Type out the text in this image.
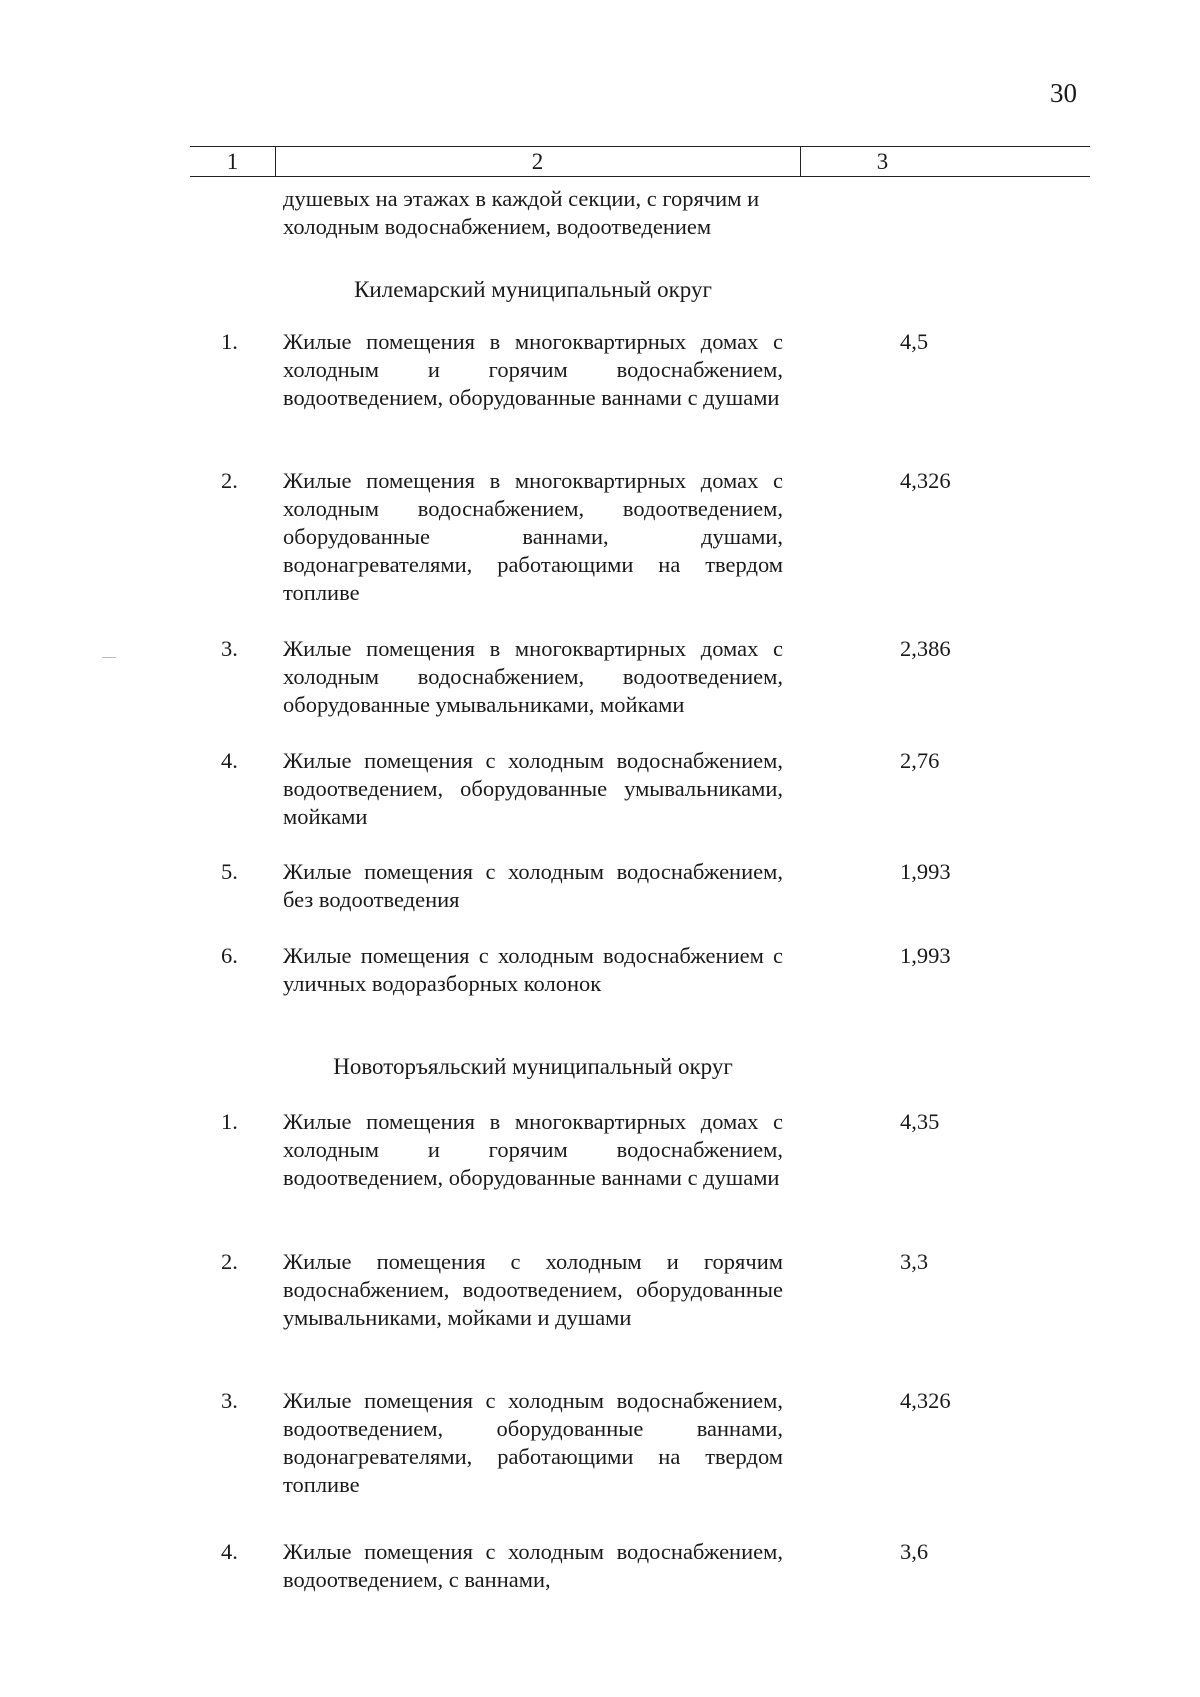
30
1	2	3

душевых на этажах в каждой секции, с горячим и холодным водоснабжением, водоотведением

Килемарский муниципальный округ

1. Жилые помещения в многоквартирных домах с холодным и горячим водоснабжением, водоотведением, оборудованные ваннами с душами

4,5

2. Жилые помещения в многоквартирных домах с холодным водоснабжением, водоотведением, оборудованные ваннами, душами, водонагревателями, работающими на твердом топливе

4,326

3. Жилые помещения в многоквартирных домах с холодным водоснабжением, водоотведением, оборудованные умывальниками, мойками

2,386

4. Жилые помещения с холодным водоснабжением, водоотведением, оборудованные умывальниками, мойками

2,76

5. Жилые помещения с холодным водоснабжением, без водоотведения

1,993

6. Жилые помещения с холодным водоснабжением с уличных водоразборных колонок

1,993

Новоторъяльский муниципальный округ

1. Жилые помещения в многоквартирных домах с холодным и горячим водоснабжением, водоотведением, оборудованные ваннами с душами

4,35

2. Жилые помещения с холодным и горячим водоснабжением, водоотведением, оборудованные умывальниками, мойками и душами

3,3

3. Жилые помещения с холодным водоснабжением, водоотведением, оборудованные ваннами, водонагревателями, работающими на твердом топливе

4,326

4. Жилые помещения с холодным водоснабжением, водоотведением, с ваннами,

3,6
